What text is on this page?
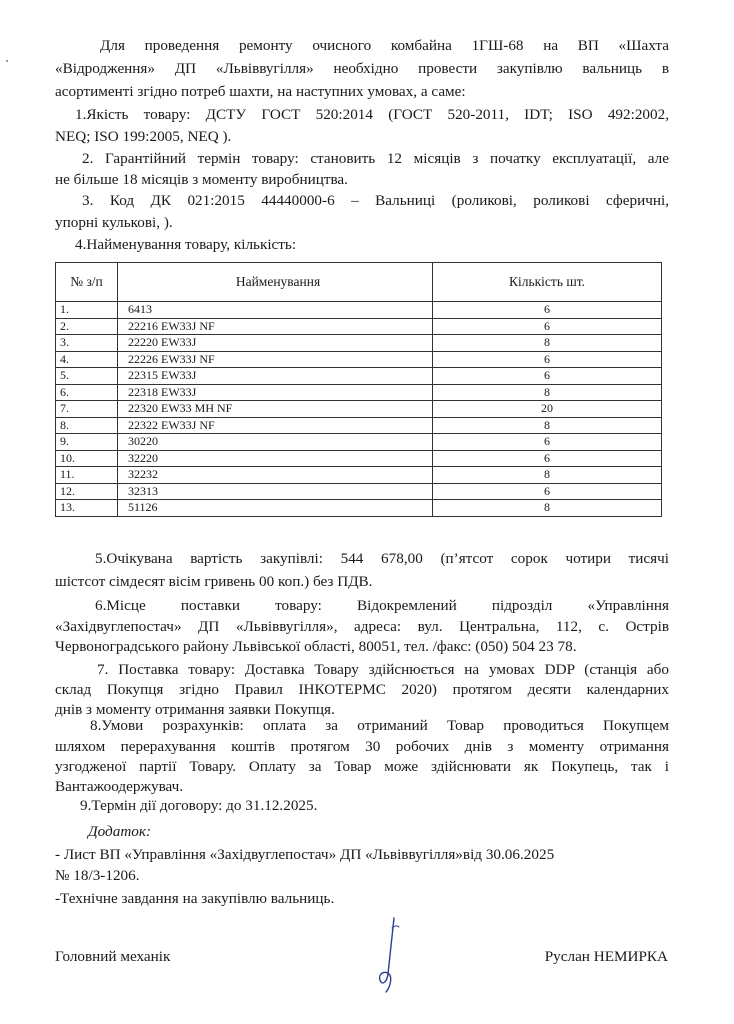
Для проведення ремонту очисного комбайна 1ГШ-68 на ВП «Шахта
«Відродження» ДП «Львіввугілля» необхідно провести закупівлю вальниць в
асортименті згідно потреб шахти, на наступних умовах, а саме:
1.Якість товару: ДСТУ ГОСТ 520:2014 (ГОСТ 520-2011, IDT; ISO 492:2002,
NEQ; ISO 199:2005, NEQ ).
2. Гарантійний термін товару: становить 12 місяців з початку експлуатації, але
не більше 18 місяців з моменту виробництва.
3. Код ДК 021:2015 44440000-6 – Вальниці (роликові, роликові сферичні,
упорні кулькові, ).
4.Найменування товару, кількість:
№ з/п	Найменування	Кількість шт.
1.	6413	6
2.	22216 EW33J NF	6
3.	22220 EW33J	8
4.	22226 EW33J NF	6
5.	22315 EW33J	6
6.	22318 EW33J	8
7.	22320 EW33 MH NF	20
8.	22322 EW33J NF	8
9.	30220	6
10.	32220	6
11.	32232	8
12.	32313	6
13.	51126	8
5.Очікувана вартість закупівлі: 544 678,00 (п’ятсот сорок чотири тисячі
шістсот сімдесят вісім гривень 00 коп.) без ПДВ.
6.Місце поставки товару: Відокремлений підрозділ «Управління
«Західвуглепостач» ДП «Львіввугілля», адреса: вул. Центральна, 112, с. Острів
Червоноградського району Львівської області, 80051, тел. /факс: (050) 504 23 78.
7. Поставка товару: Доставка Товару здійснюється на умовах DDP (станція або
склад Покупця згідно Правил ІНКОТЕРМС 2020) протягом десяти календарних
днів з моменту отримання заявки Покупця.
8.Умови розрахунків: оплата за отриманий Товар проводиться Покупцем
шляхом перерахування коштів протягом 30 робочих днів з моменту отримання
узгодженої партії Товару. Оплату за Товар може здійснювати як Покупець, так і
Вантажоодержувач.
9.Термін дії договору: до 31.12.2025.
Додаток:
- Лист ВП «Управління «Західвуглепостач» ДП «Львіввугілля»від 30.06.2025
№ 18/3-1206.
-Технічне завдання на закупівлю вальниць.
Головний механік	Руслан НЕМИРКА
